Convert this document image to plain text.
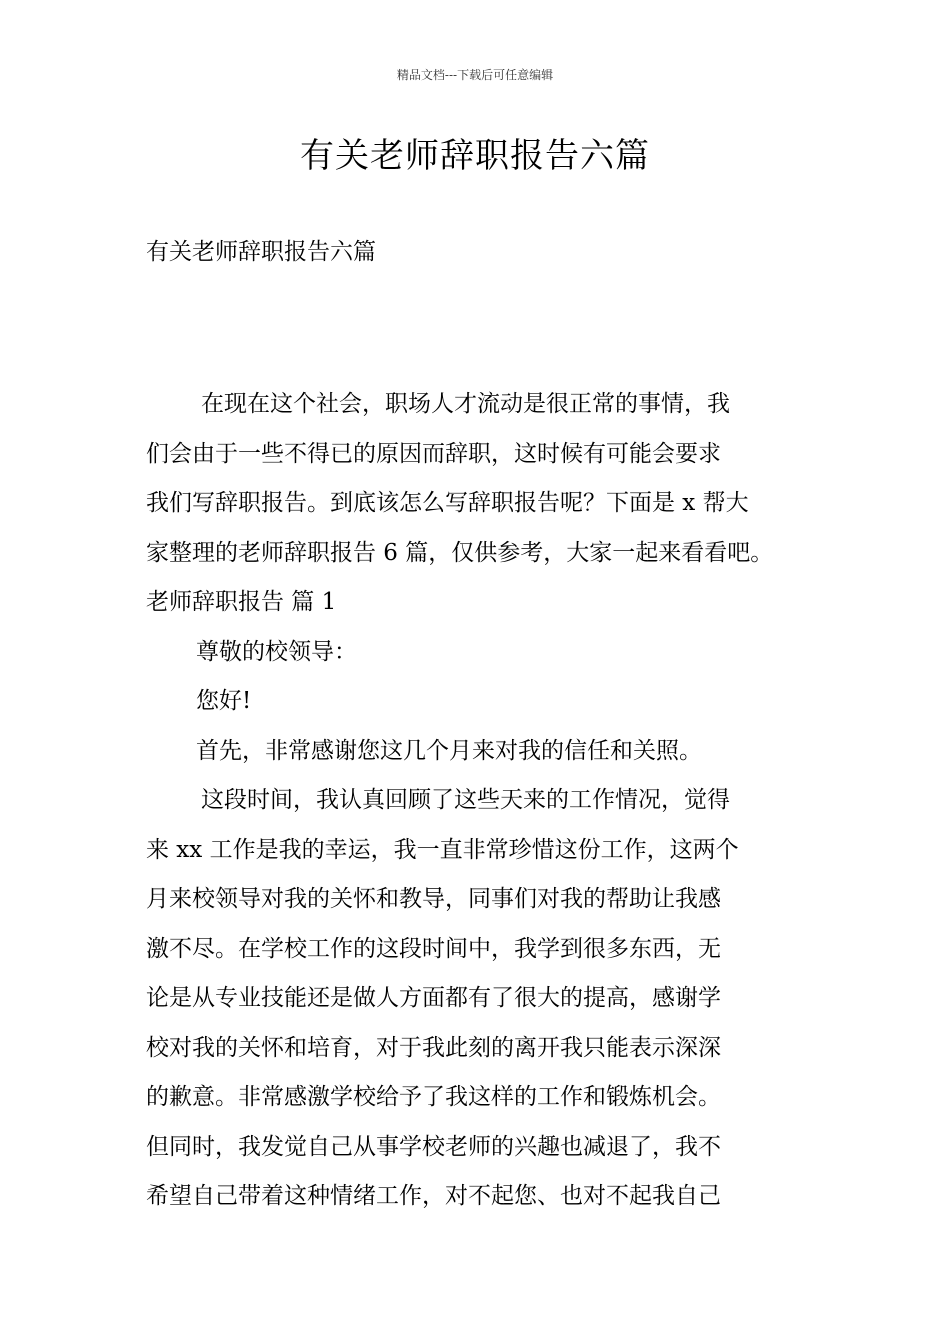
精品文档---下载后可任意编辑
有关老师辞职报告六篇
有关老师辞职报告六篇
在现在这个社会，职场人才流动是很正常的事情，我
们会由于一些不得已的原因而辞职，这时候有可能会要求
我们写辞职报告。到底该怎么写辞职报告呢？下面是 x 帮大
家整理的老师辞职报告 6 篇，仅供参考，大家一起来看看吧。
老师辞职报告 篇 1
尊敬的校领导：
您好!
首先，非常感谢您这几个月来对我的信任和关照。
这段时间，我认真回顾了这些天来的工作情况，觉得
来 xx 工作是我的幸运，我一直非常珍惜这份工作，这两个
月来校领导对我的关怀和教导，同事们对我的帮助让我感
激不尽。在学校工作的这段时间中，我学到很多东西，无
论是从专业技能还是做人方面都有了很大的提高，感谢学
校对我的关怀和培育，对于我此刻的离开我只能表示深深
的歉意。非常感激学校给予了我这样的工作和锻炼机会。
但同时，我发觉自己从事学校老师的兴趣也减退了，我不
希望自己带着这种情绪工作，对不起您、也对不起我自己
